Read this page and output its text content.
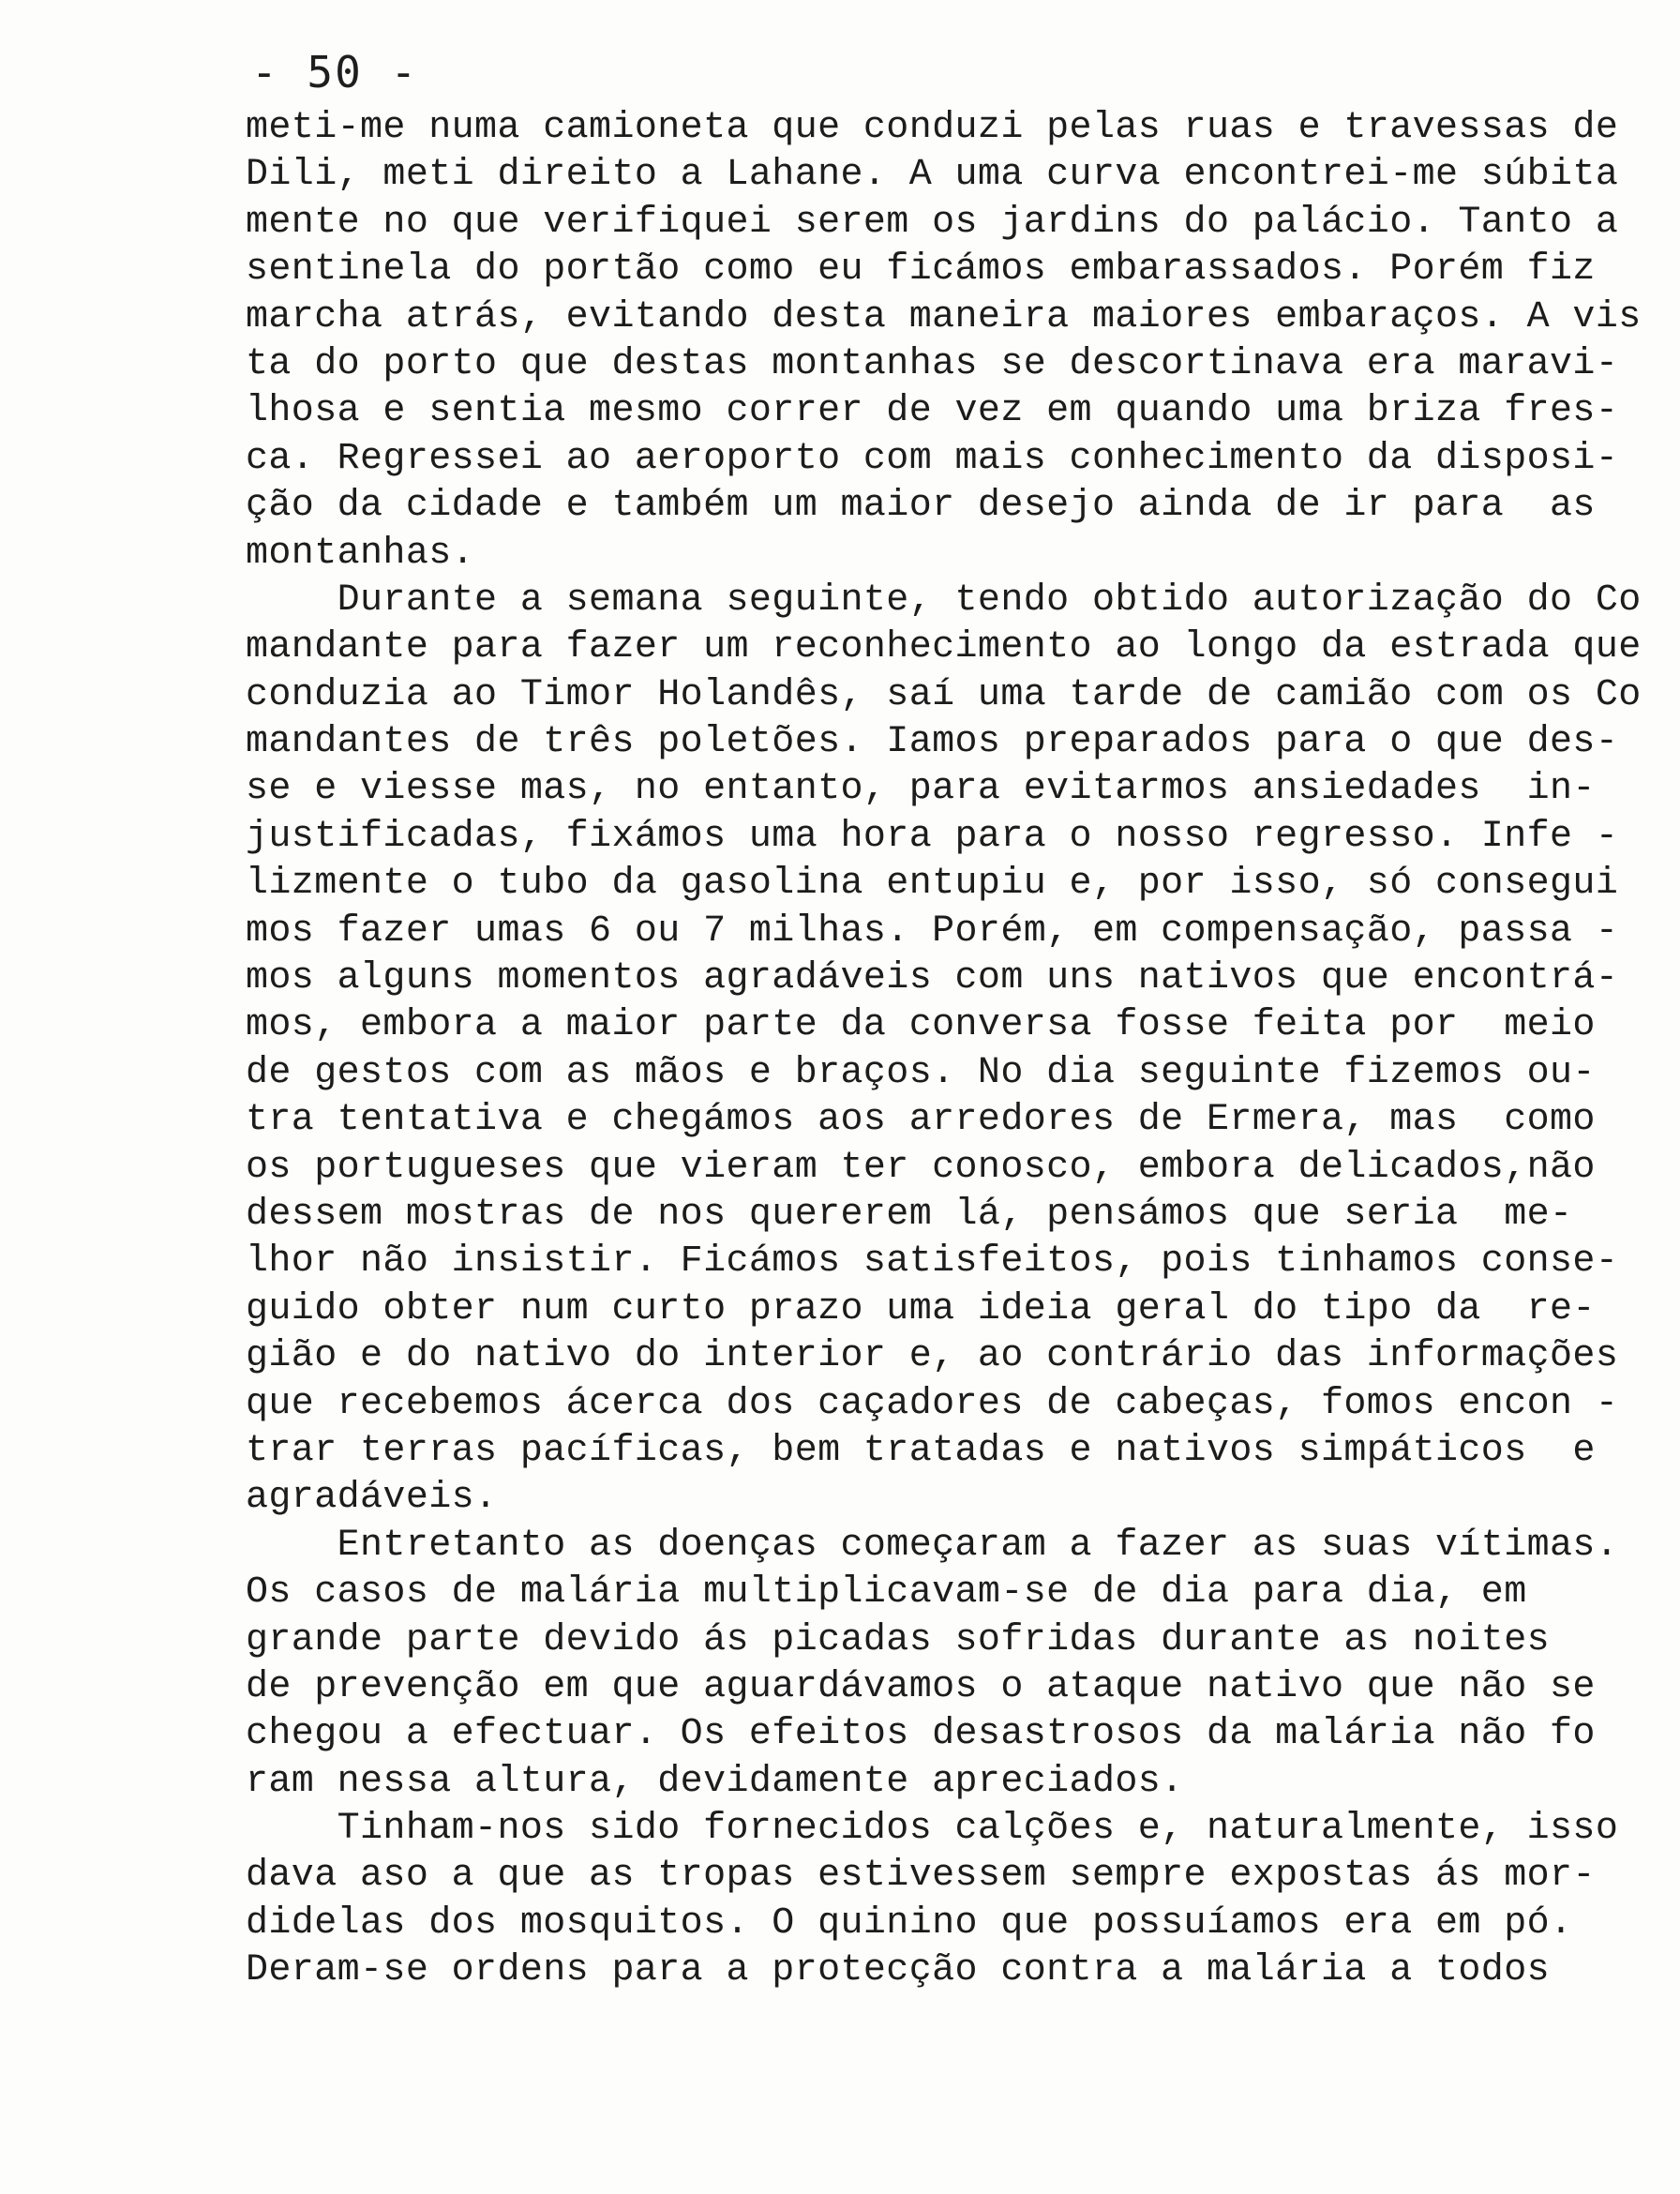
- 50 -
meti-me numa camioneta que conduzi pelas ruas e travessas de
Dili, meti direito a Lahane. A uma curva encontrei-me súbita
mente no que verifiquei serem os jardins do palácio. Tanto a
sentinela do portão como eu ficámos embarassados. Porém fiz
marcha atrás, evitando desta maneira maiores embaraços. A vis
ta do porto que destas montanhas se descortinava era maravi-
lhosa e sentia mesmo correr de vez em quando uma briza fres-
ca. Regressei ao aeroporto com mais conhecimento da disposi-
ção da cidade e também um maior desejo ainda de ir para  as
montanhas.
Durante a semana seguinte, tendo obtido autorização do Co
mandante para fazer um reconhecimento ao longo da estrada que
conduzia ao Timor Holandês, saí uma tarde de camião com os Co
mandantes de três poletões. Iamos preparados para o que des-
se e viesse mas, no entanto, para evitarmos ansiedades  in-
justificadas, fixámos uma hora para o nosso regresso. Infe -
lizmente o tubo da gasolina entupiu e, por isso, só consegui
mos fazer umas 6 ou 7 milhas. Porém, em compensação, passa -
mos alguns momentos agradáveis com uns nativos que encontrá-
mos, embora a maior parte da conversa fosse feita por  meio
de gestos com as mãos e braços. No dia seguinte fizemos ou-
tra tentativa e chegámos aos arredores de Ermera, mas  como
os portugueses que vieram ter conosco, embora delicados,não
dessem mostras de nos quererem lá, pensámos que seria  me-
lhor não insistir. Ficámos satisfeitos, pois tinhamos conse-
guido obter num curto prazo uma ideia geral do tipo da  re-
gião e do nativo do interior e, ao contrário das informações
que recebemos ácerca dos caçadores de cabeças, fomos encon -
trar terras pacíficas, bem tratadas e nativos simpáticos  e
agradáveis.
Entretanto as doenças começaram a fazer as suas vítimas.
Os casos de malária multiplicavam-se de dia para dia, em
grande parte devido ás picadas sofridas durante as noites
de prevenção em que aguardávamos o ataque nativo que não se
chegou a efectuar. Os efeitos desastrosos da malária não fo
ram nessa altura, devidamente apreciados.
Tinham-nos sido fornecidos calções e, naturalmente, isso
dava aso a que as tropas estivessem sempre expostas ás mor-
didelas dos mosquitos. O quinino que possuíamos era em pó.
Deram-se ordens para a protecção contra a malária a todos
